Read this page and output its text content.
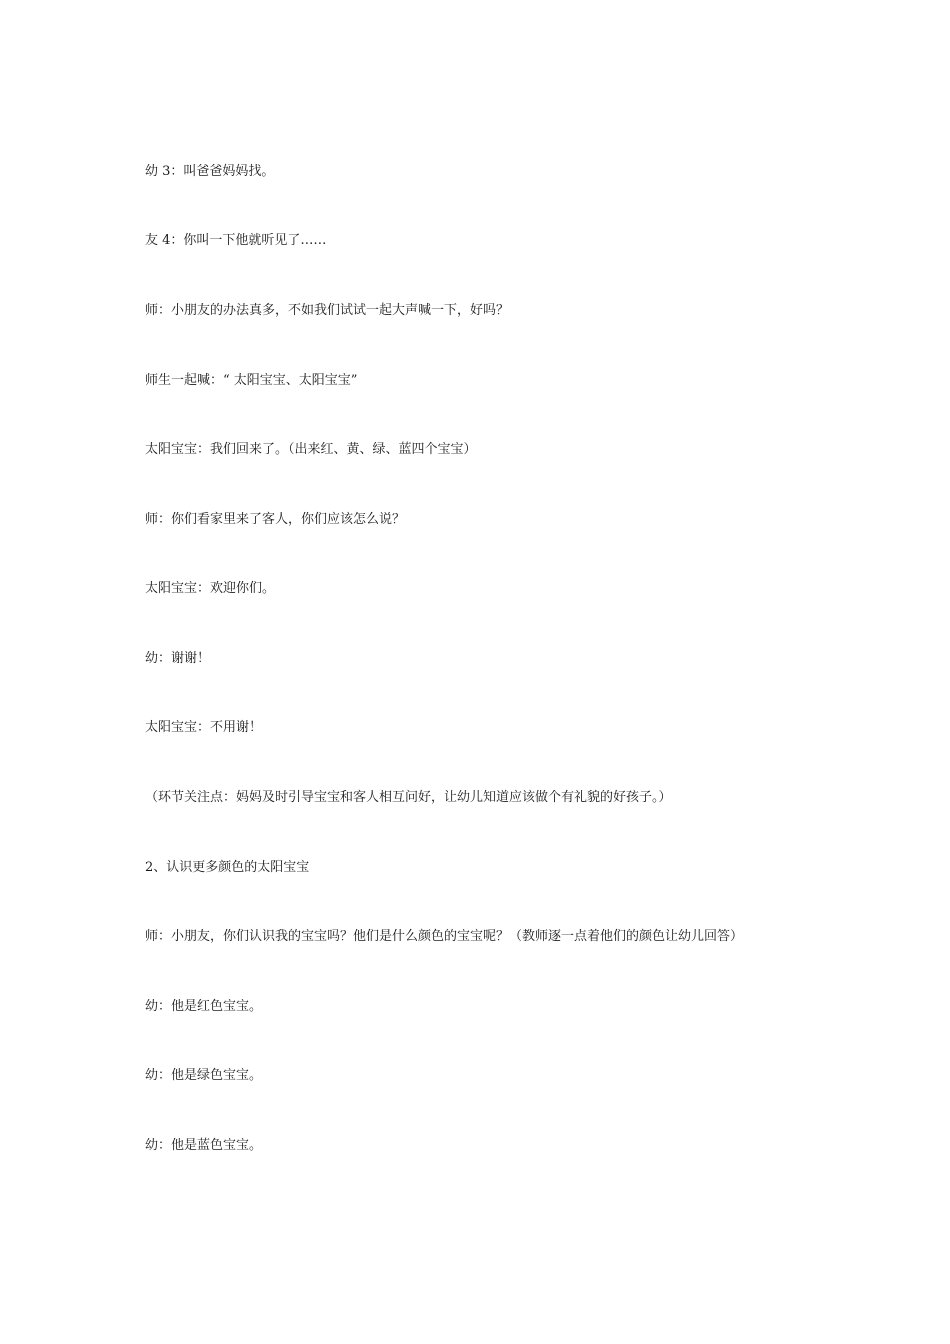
幼 3：叫爸爸妈妈找。

友 4：你叫一下他就听见了……

师：小朋友的办法真多，不如我们试试一起大声喊一下，好吗？

师生一起喊：“ 太阳宝宝、太阳宝宝”

太阳宝宝：我们回来了。（出来红、黄、绿、蓝四个宝宝）

师：你们看家里来了客人，你们应该怎么说？

太阳宝宝：欢迎你们。

幼：谢谢！

太阳宝宝：不用谢！

（环节关注点：妈妈及时引导宝宝和客人相互问好，让幼儿知道应该做个有礼貌的好孩子。）

2、认识更多颜色的太阳宝宝

师：小朋友，你们认识我的宝宝吗？他们是什么颜色的宝宝呢？（教师逐一点着他们的颜色让幼儿回答）

幼：他是红色宝宝。

幼：他是绿色宝宝。

幼：他是蓝色宝宝。
